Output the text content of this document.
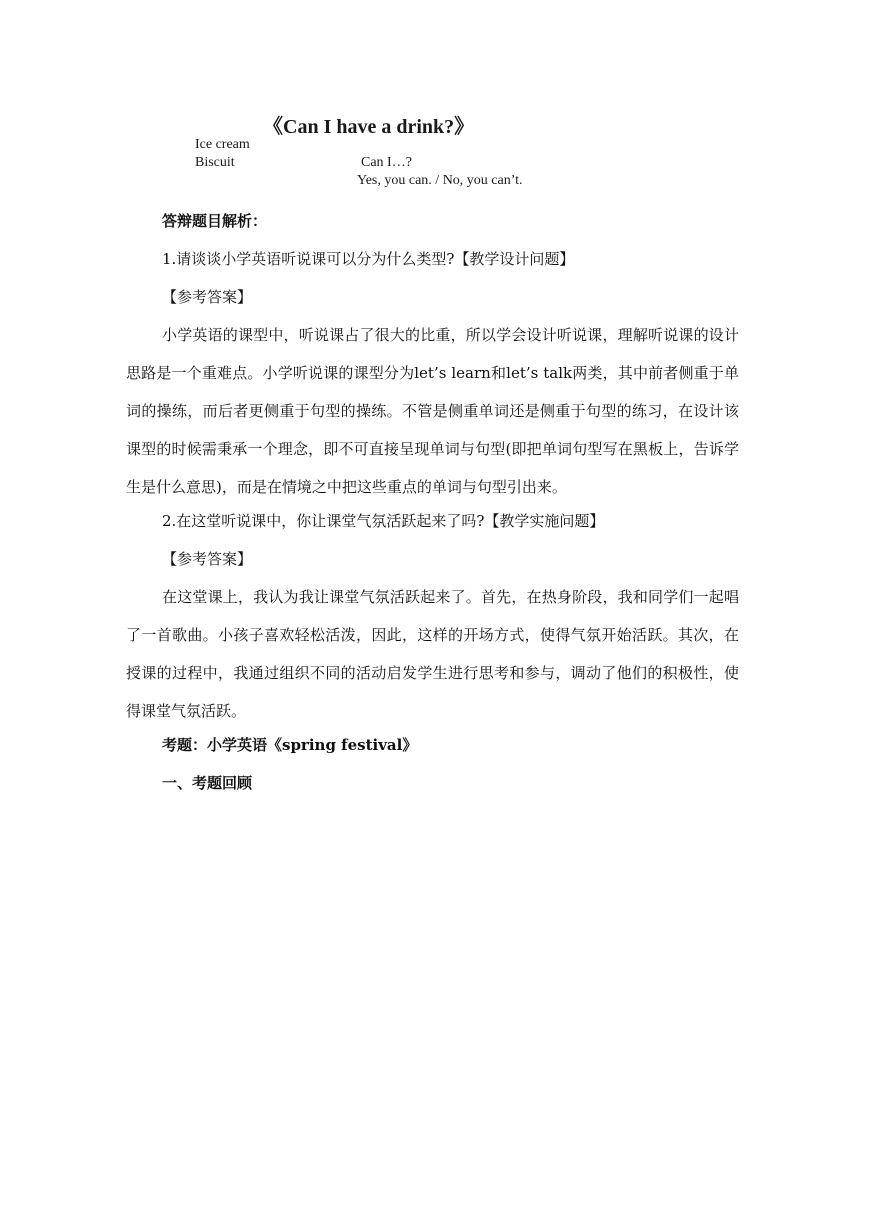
《Can I have a drink?》
Ice cream
Biscuit	Can I…?
Yes, you can. / No, you can’t.

答辩题目解析：

1.请谈谈小学英语听说课可以分为什么类型?【教学设计问题】

【参考答案】

小学英语的课型中，听说课占了很大的比重，所以学会设计听说课，理解听说课的设计思路是一个重难点。小学听说课的课型分为let’s learn和let’s talk两类，其中前者侧重于单词的操练，而后者更侧重于句型的操练。不管是侧重单词还是侧重于句型的练习，在设计该课型的时候需秉承一个理念，即不可直接呈现单词与句型(即把单词句型写在黑板上，告诉学生是什么意思)，而是在情境之中把这些重点的单词与句型引出来。

2.在这堂听说课中，你让课堂气氛活跃起来了吗?【教学实施问题】

【参考答案】

在这堂课上，我认为我让课堂气氛活跃起来了。首先，在热身阶段，我和同学们一起唱了一首歌曲。小孩子喜欢轻松活泼，因此，这样的开场方式，使得气氛开始活跃。其次，在授课的过程中，我通过组织不同的活动启发学生进行思考和参与，调动了他们的积极性，使得课堂气氛活跃。

考题：小学英语《spring festival》

一、考题回顾
